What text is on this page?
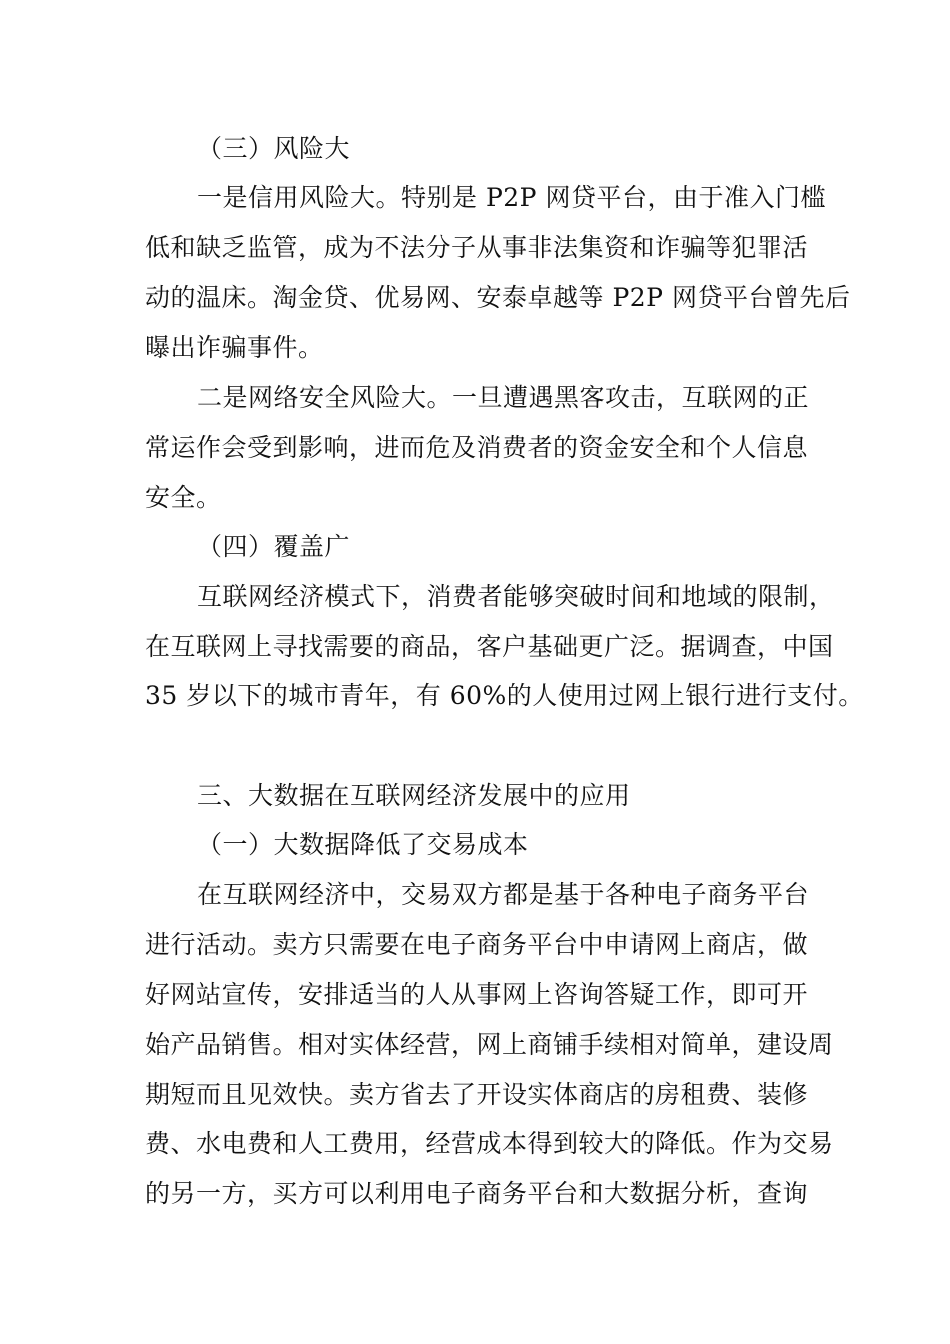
（三）风险大
一是信用风险大。特别是 P2P 网贷平台，由于准入门槛
低和缺乏监管，成为不法分子从事非法集资和诈骗等犯罪活
动的温床。淘金贷、优易网、安泰卓越等 P2P 网贷平台曾先后
曝出诈骗事件。
二是网络安全风险大。一旦遭遇黑客攻击，互联网的正
常运作会受到影响，进而危及消费者的资金安全和个人信息
安全。
（四）覆盖广
互联网经济模式下，消费者能够突破时间和地域的限制，
在互联网上寻找需要的商品，客户基础更广泛。据调查，中国
35 岁以下的城市青年，有 60%的人使用过网上银行进行支付。
三、大数据在互联网经济发展中的应用
（一）大数据降低了交易成本
在互联网经济中，交易双方都是基于各种电子商务平台
进行活动。卖方只需要在电子商务平台中申请网上商店，做
好网站宣传，安排适当的人从事网上咨询答疑工作，即可开
始产品销售。相对实体经营，网上商铺手续相对简单，建设周
期短而且见效快。卖方省去了开设实体商店的房租费、装修
费、水电费和人工费用，经营成本得到较大的降低。作为交易
的另一方，买方可以利用电子商务平台和大数据分析，查询
